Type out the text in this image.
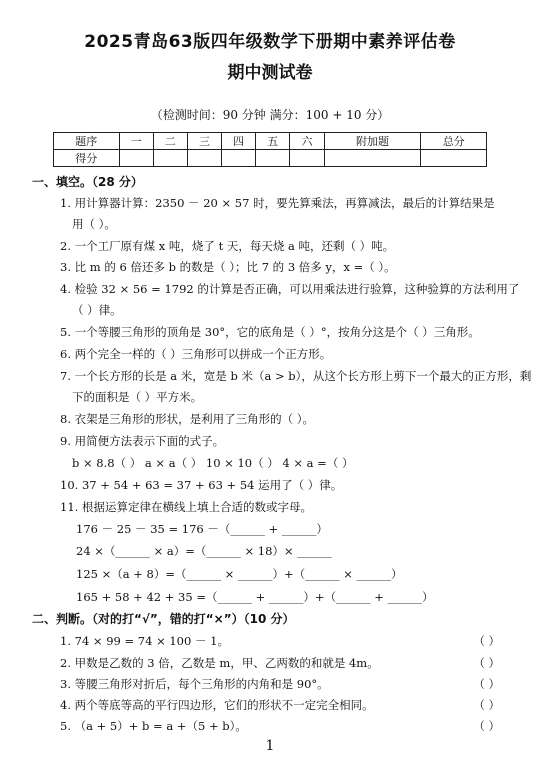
2025青岛63版四年级数学下册期中素养评估卷
期中测试卷
（检测时间：90 分钟 满分：100 + 10 分）
题序	一	二	三	四	五	六	附加题	总分
得分								
一、填空。（28 分）
1. 用计算器计算：2350 － 20 × 57 时，要先算乘法，再算减法，最后的计算结果是
用（ ）。
2. 一个工厂原有煤 x 吨，烧了 t 天，每天烧 a 吨，还剩（ ）吨。
3. 比 m 的 6 倍还多 b 的数是（ ）；比 7 的 3 倍多 y，x =（ ）。
4. 检验 32 × 56 = 1792 的计算是否正确，可以用乘法进行验算，这种验算的方法利用了
（ ）律。
5. 一个等腰三角形的顶角是 30°，它的底角是（ ）°，按角分这是个（ ）三角形。
6. 两个完全一样的（ ）三角形可以拼成一个正方形。
7. 一个长方形的长是 a 米，宽是 b 米（a > b），从这个长方形上剪下一个最大的正方形，剩
下的面积是（ ）平方米。
8. 衣架是三角形的形状，是利用了三角形的（ ）。
9. 用简便方法表示下面的式子。
b × 8.8（ ） a × a（ ） 10 × 10（ ） 4 × a =（ ）
10. 37 + 54 + 63 = 37 + 63 + 54 运用了（ ）律。
11. 根据运算定律在横线上填上合适的数或字母。
176 － 25 － 35 = 176 －（______ + ______）
24 ×（______ × a）=（______ × 18）× ______
125 ×（a + 8）=（______ × ______）+（______ × ______）
165 + 58 + 42 + 35 =（______ + ______）+（______ + ______）
二、判断。（对的打“√”，错的打“×”）（10 分）
1. 74 × 99 = 74 × 100 － 1。	（ ）
2. 甲数是乙数的 3 倍，乙数是 m，甲、乙两数的和就是 4m。	（ ）
3. 等腰三角形对折后，每个三角形的内角和是 90°。	（ ）
4. 两个等底等高的平行四边形，它们的形状不一定完全相同。	（ ）
5. （a + 5）+ b = a +（5 + b）。	（ ）
1
